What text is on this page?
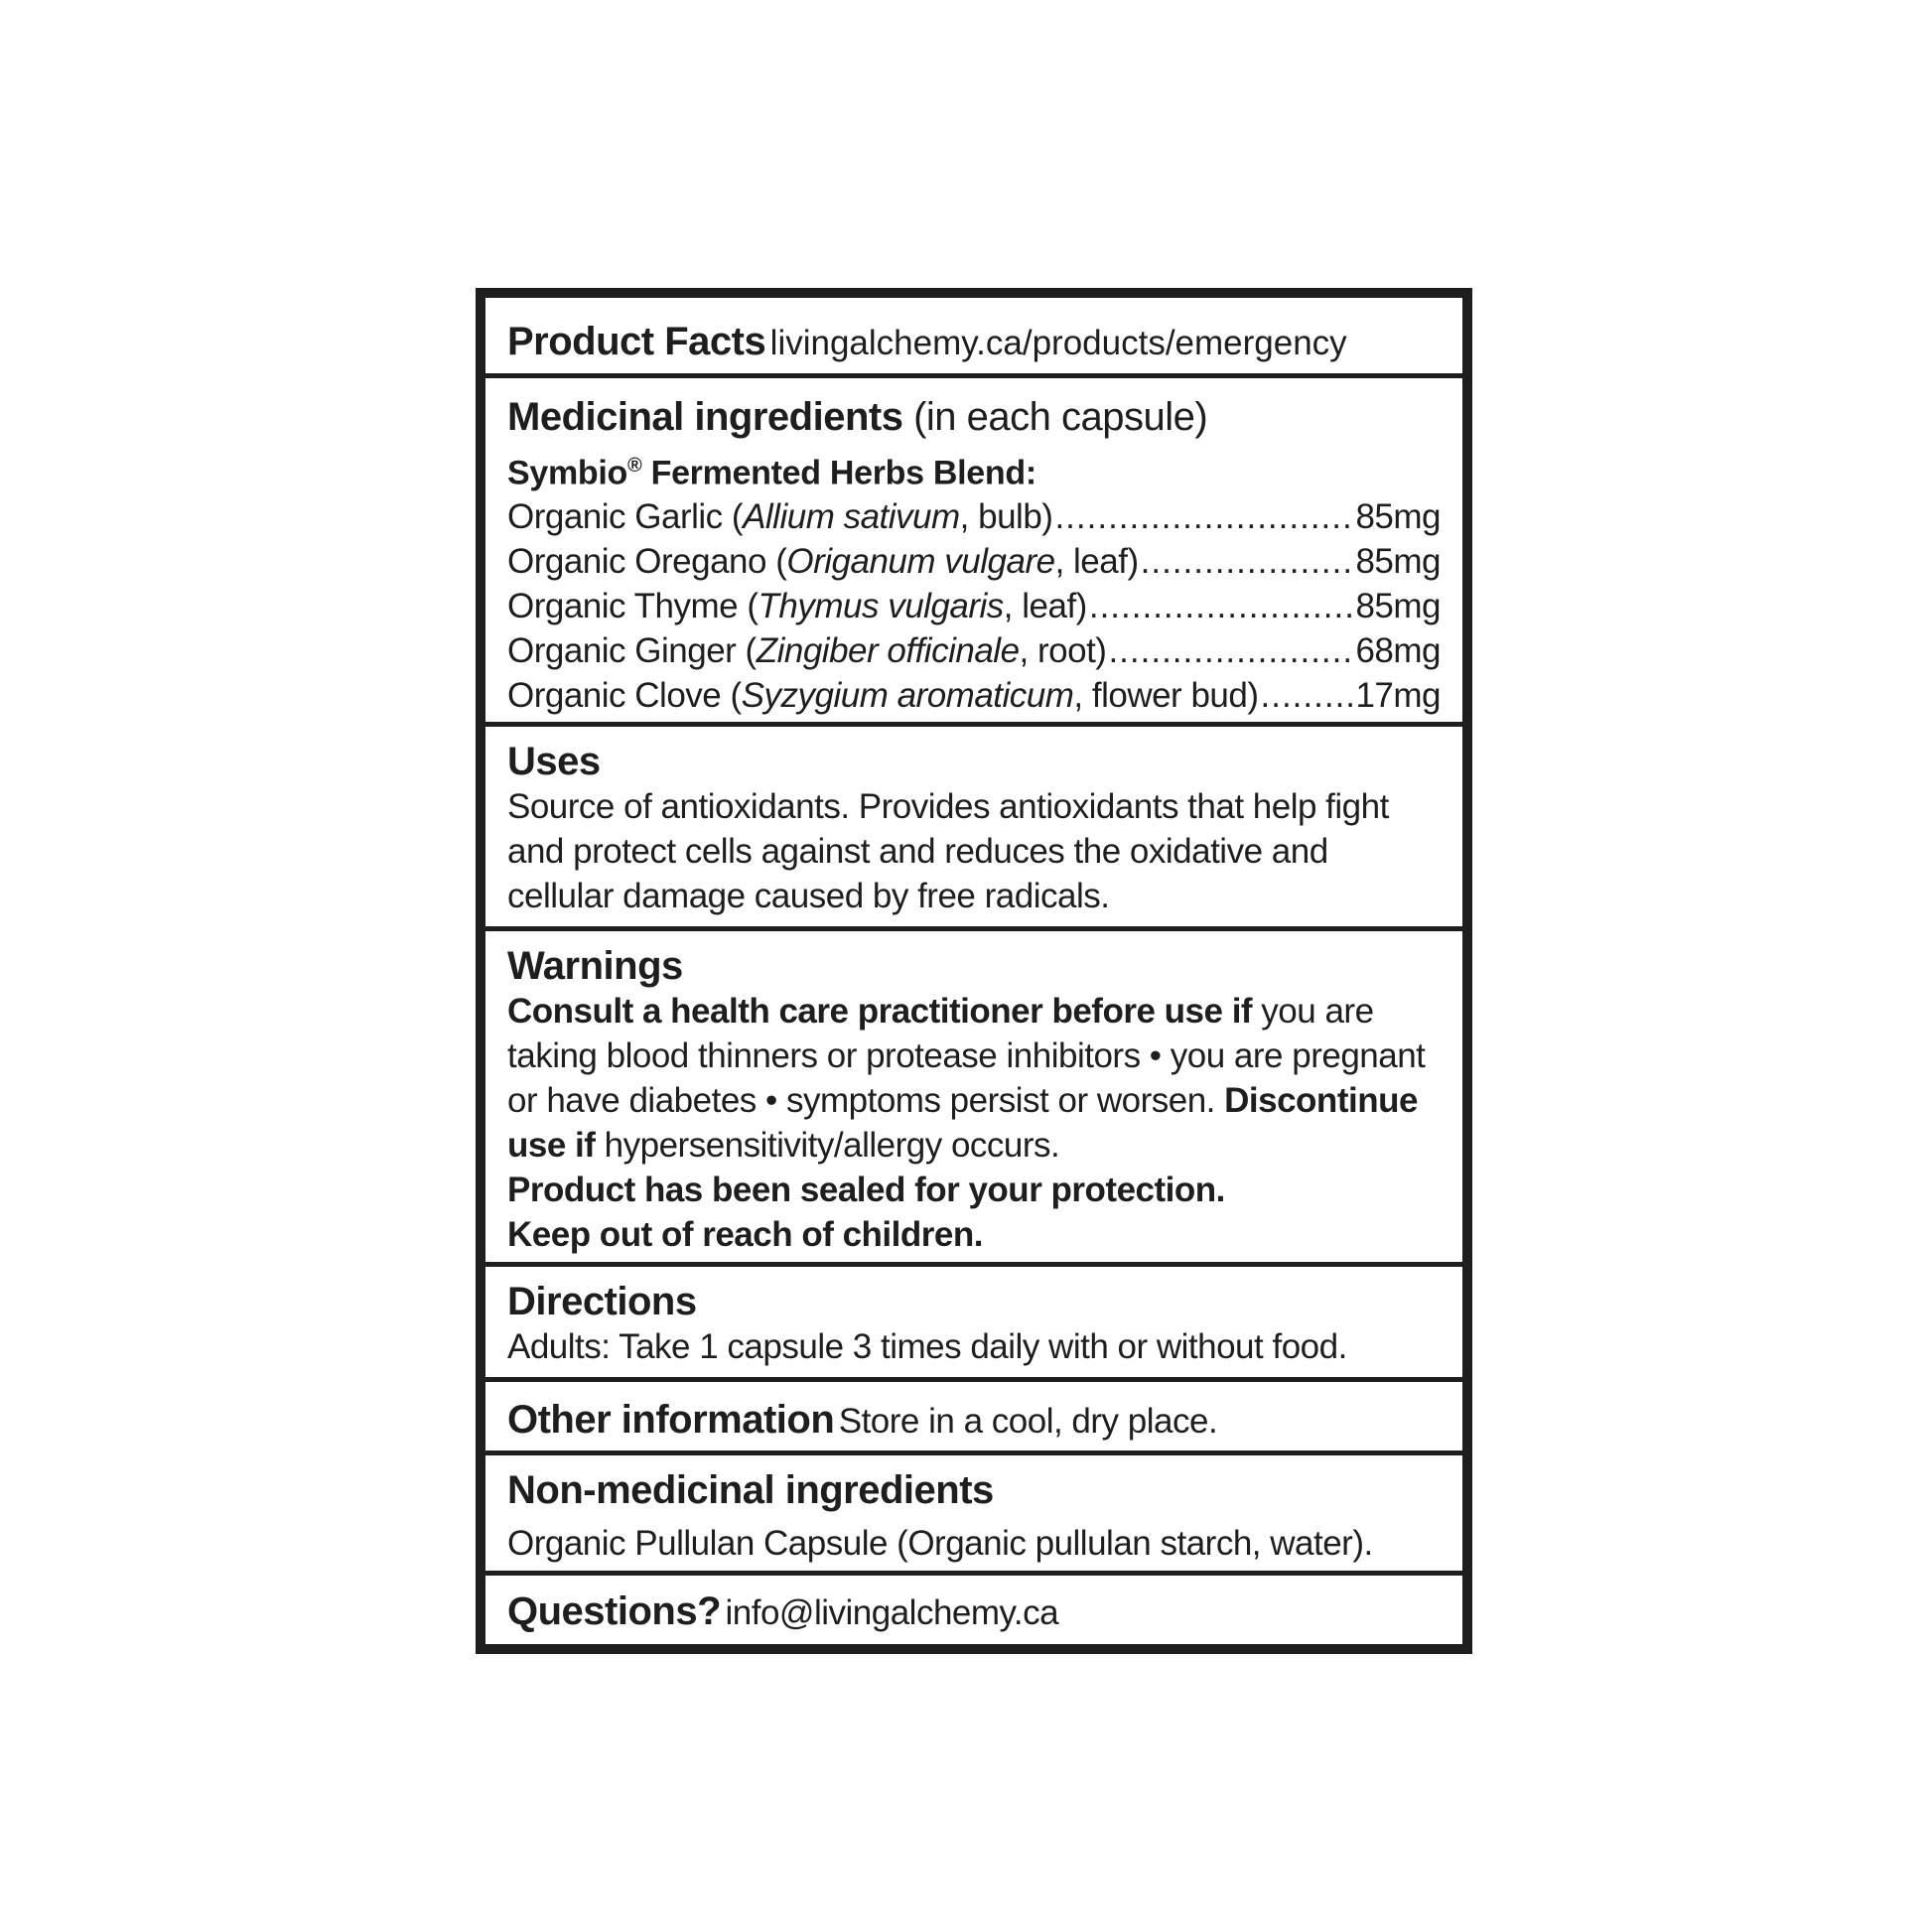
Product Facts livingalchemy.ca/products/emergency
Medicinal ingredients (in each capsule)
Symbio® Fermented Herbs Blend:
Organic Garlic (Allium sativum, bulb) .....	85mg
Organic Oregano (Origanum vulgare, leaf) .....	85mg
Organic Thyme (Thymus vulgaris, leaf) .....	85mg
Organic Ginger (Zingiber officinale, root) .....	68mg
Organic Clove (Syzygium aromaticum, flower bud) .....	17mg
Uses
Source of antioxidants. Provides antioxidants that help fight and protect cells against and reduces the oxidative and cellular damage caused by free radicals.
Warnings
Consult a health care practitioner before use if you are taking blood thinners or protease inhibitors • you are pregnant or have diabetes • symptoms persist or worsen. Discontinue use if hypersensitivity/allergy occurs.
Product has been sealed for your protection.
Keep out of reach of children.
Directions
Adults: Take 1 capsule 3 times daily with or without food.
Other information Store in a cool, dry place.
Non-medicinal ingredients
Organic Pullulan Capsule (Organic pullulan starch, water).
Questions? info@livingalchemy.ca
